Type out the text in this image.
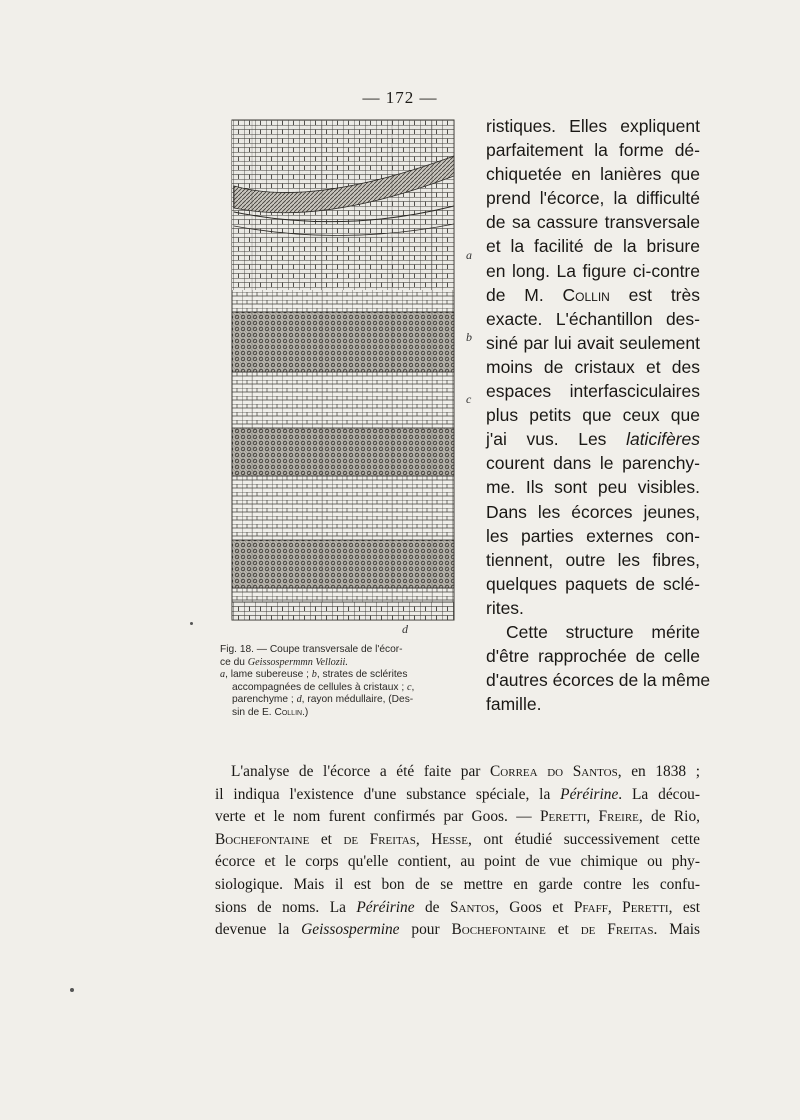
— 172 —
a
b
c
d
Fig. 18. — Coupe transversale de l'écor-
ce du Geissospermmn Vellozii.
a, lame subereuse ; b, strates de sclérites
accompagnées de cellules à cristaux ; c,
parenchyme ; d, rayon médullaire, (Des-
sin de E. Collin.)
ristiques. Elles expliquent
parfaitement la forme dé-
chiquetée en lanières que
prend l'écorce, la difficulté
de sa cassure transversale
et la facilité de la brisure
en long. La figure ci-contre
de M. Collin est très
exacte. L'échantillon des-
siné par lui avait seulement
moins de cristaux et des
espaces interfasciculaires
plus petits que ceux que
j'ai vus. Les laticifères
courent dans le parenchy-
me. Ils sont peu visibles.
Dans les écorces jeunes,
les parties externes con-
tiennent, outre les fibres,
quelques paquets de sclé-
rites.
Cette structure mérite
d'être rapprochée de celle
d'autres écorces de la même
famille.
L'analyse de l'écorce a été faite par Correa do Santos, en 1838 ;
il indiqua l'existence d'une substance spéciale, la Péréirine. La décou-
verte et le nom furent confirmés par Goos. — Peretti, Freire, de Rio,
Bochefontaine et de Freitas, Hesse, ont étudié successivement cette
écorce et le corps qu'elle contient, au point de vue chimique ou phy-
siologique. Mais il est bon de se mettre en garde contre les confu-
sions de noms. La Péréirine de Santos, Goos et Pfaff, Peretti, est
devenue la Geissospermine pour Bochefontaine et de Freitas. Mais
